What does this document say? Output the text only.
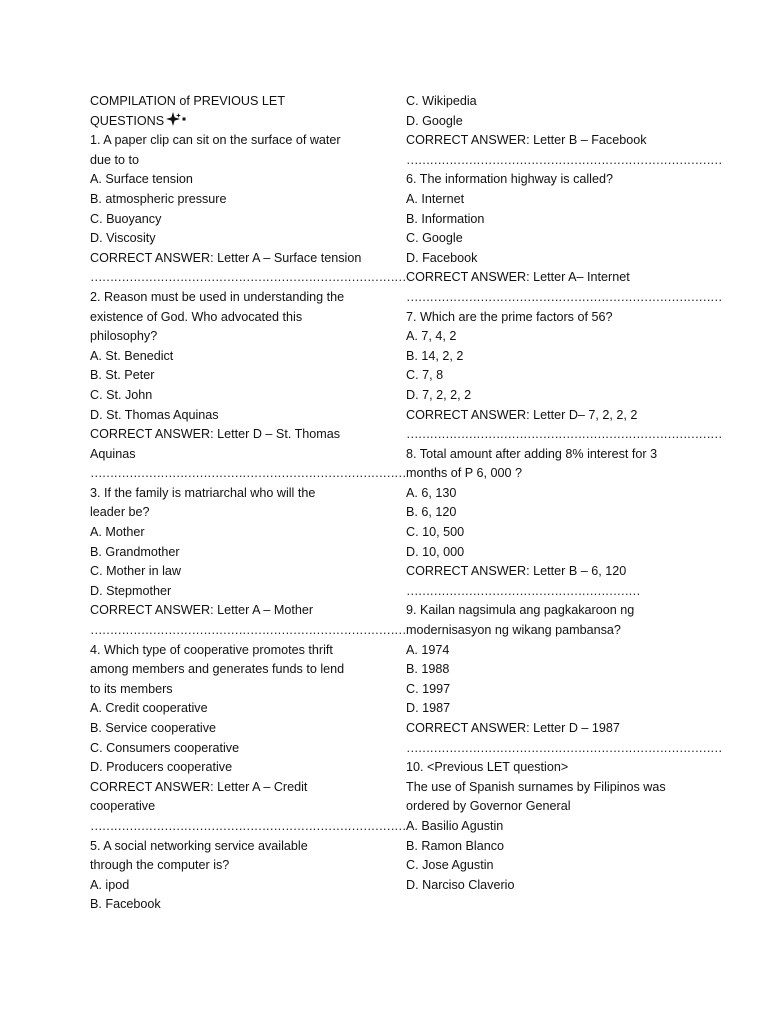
COMPILATION of PREVIOUS LET
QUESTIONS
1. A paper clip can sit on the surface of water
due to to
A. Surface tension
B. atmospheric pressure
C. Buoyancy
D. Viscosity
CORRECT ANSWER: Letter A – Surface tension
………………………………………………………………………
2. Reason must be used in understanding the
existence of God. Who advocated this
philosophy?
A. St. Benedict
B. St. Peter
C. St. John
D. St. Thomas Aquinas
CORRECT ANSWER: Letter D – St. Thomas
Aquinas
………………………………………………………………………
3. If the family is matriarchal who will the
leader be?
A. Mother
B. Grandmother
C. Mother in law
D. Stepmother
CORRECT ANSWER: Letter A – Mother
………………………………………………………………………
4. Which type of cooperative promotes thrift
among members and generates funds to lend
to its members
A. Credit cooperative
B. Service cooperative
C. Consumers cooperative
D. Producers cooperative
CORRECT ANSWER: Letter A – Credit
cooperative
………………………………………………………………………
5. A social networking service available
through the computer is?
A. ipod
B. Facebook
C. Wikipedia
D. Google
CORRECT ANSWER: Letter B – Facebook
………………………………………………………………………
6. The information highway is called?
A. Internet
B. Information
C. Google
D. Facebook
CORRECT ANSWER: Letter A– Internet
………………………………………………………………………
7. Which are the prime factors of 56?
A. 7, 4, 2
B. 14, 2, 2
C. 7, 8
D. 7, 2, 2, 2
CORRECT ANSWER: Letter D– 7, 2, 2, 2
………………………………………………………………………
8. Total amount after adding 8% interest for 3
months of P 6, 000 ?
A. 6, 130
B. 6, 120
C. 10, 500
D. 10, 000
CORRECT ANSWER: Letter B – 6, 120
……………………………………………………
9. Kailan nagsimula ang pagkakaroon ng
modernisasyon ng wikang pambansa?
A. 1974
B. 1988
C. 1997
D. 1987
CORRECT ANSWER: Letter D – 1987
………………………………………………………………………
10. <Previous LET question>
The use of Spanish surnames by Filipinos was
ordered by Governor General
A. Basilio Agustin
B. Ramon Blanco
C. Jose Agustin
D. Narciso Claverio
